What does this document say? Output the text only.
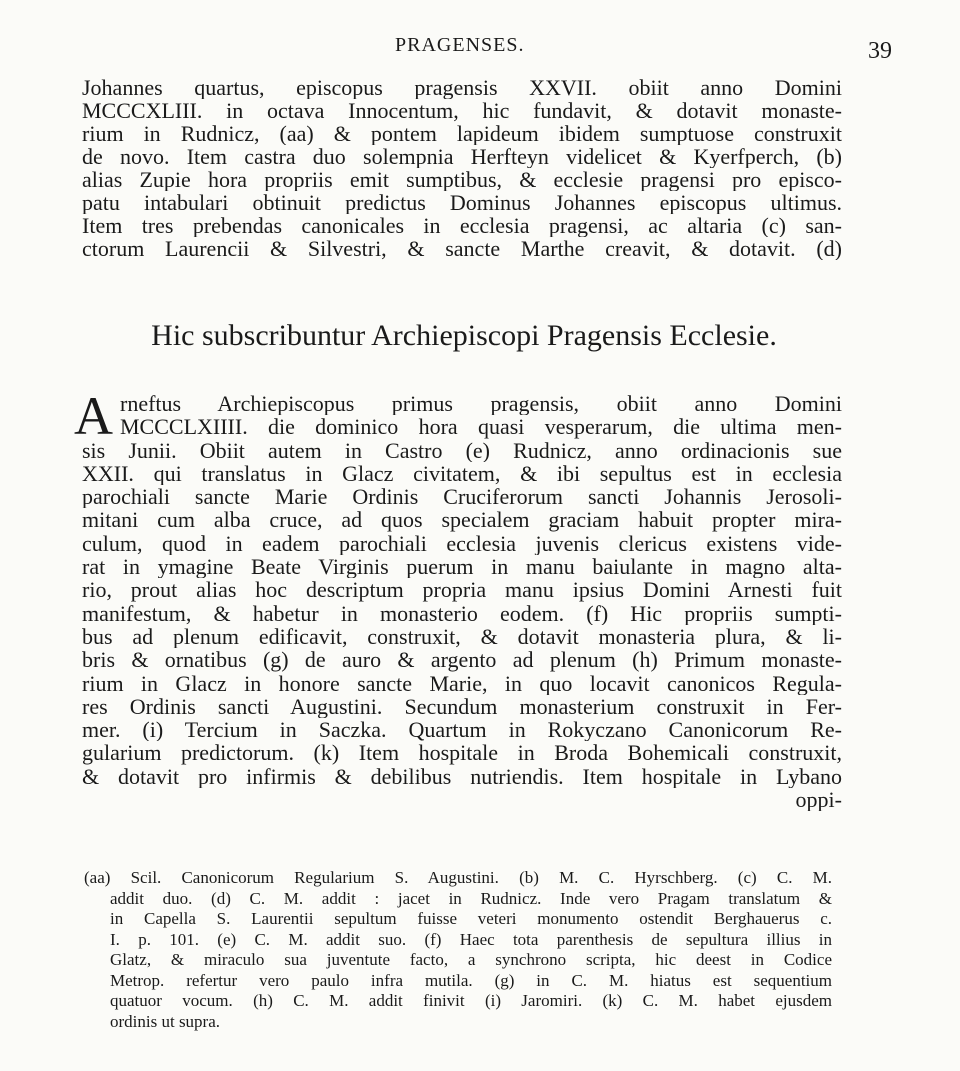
PRAGENSES.	39
Johannes quartus, episcopus pragensis XXVII. obiit anno Domini
MCCCXLIII. in octava Innocentum, hic fundavit, & dotavit monaste-
rium in Rudnicz, (aa) & pontem lapideum ibidem sumptuose construxit
de novo. Item castra duo solempnia Herfteyn videlicet & Kyerfperch, (b)
alias Zupie hora propriis emit sumptibus, & ecclesie pragensi pro episco-
patu intabulari obtinuit predictus Dominus Johannes episcopus ultimus.
Item tres prebendas canonicales in ecclesia pragensi, ac altaria (c) san-
ctorum Laurencii & Silvestri, & sancte Marthe creavit, & dotavit. (d)
Hic subscribuntur Archiepiscopi Pragensis Ecclesie.
A rneftus Archiepiscopus primus pragensis, obiit anno Domini
MCCCLXIIII. die dominico hora quasi vesperarum, die ultima men-
sis Junii. Obiit autem in Castro (e) Rudnicz, anno ordinacionis sue
XXII. qui translatus in Glacz civitatem, & ibi sepultus est in ecclesia
parochiali sancte Marie Ordinis Cruciferorum sancti Johannis Jerosoli-
mitani cum alba cruce, ad quos specialem graciam habuit propter mira-
culum, quod in eadem parochiali ecclesia juvenis clericus existens vide-
rat in ymagine Beate Virginis puerum in manu baiulante in magno alta-
rio, prout alias hoc descriptum propria manu ipsius Domini Arnesti fuit
manifestum, & habetur in monasterio eodem. (f) Hic propriis sumpti-
bus ad plenum edificavit, construxit, & dotavit monasteria plura, & li-
bris & ornatibus (g) de auro & argento ad plenum (h) Primum monaste-
rium in Glacz in honore sancte Marie, in quo locavit canonicos Regula-
res Ordinis sancti Augustini. Secundum monasterium construxit in Fer-
mer. (i) Tercium in Saczka. Quartum in Rokyczano Canonicorum Re-
gularium predictorum. (k) Item hospitale in Broda Bohemicali construxit,
& dotavit pro infirmis & debilibus nutriendis. Item hospitale in Lybano
oppi-
(aa) Scil. Canonicorum Regularium S. Augustini. (b) M. C. Hyrschberg. (c) C. M.
addit duo. (d) C. M. addit : jacet in Rudnicz. Inde vero Pragam translatum &
in Capella S. Laurentii sepultum fuisse veteri monumento ostendit Berghauerus c.
I. p. 101. (e) C. M. addit suo. (f) Haec tota parenthesis de sepultura illius in
Glatz, & miraculo sua juventute facto, a synchrono scripta, hic deest in Codice
Metrop. refertur vero paulo infra mutila. (g) in C. M. hiatus est sequentium
quatuor vocum. (h) C. M. addit finivit (i) Jaromiri. (k) C. M. habet ejusdem
ordinis ut supra.
